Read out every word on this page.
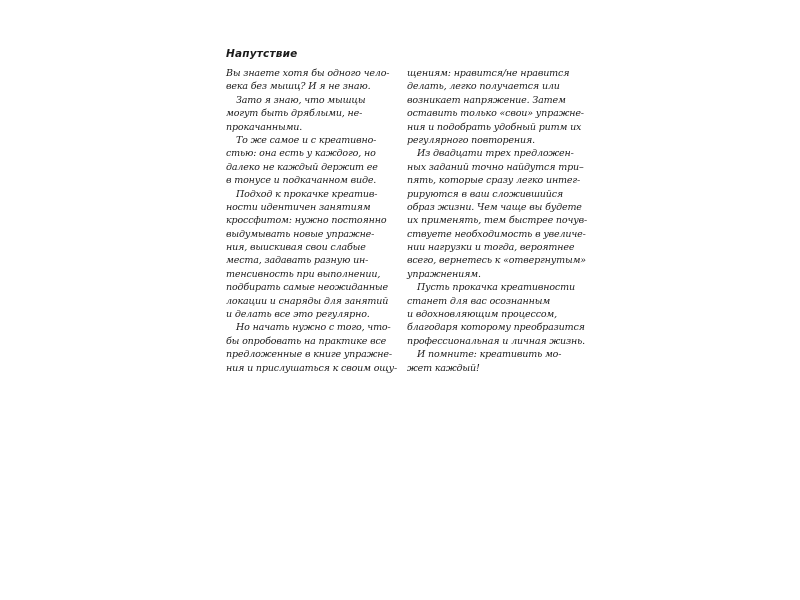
Напутствие
Вы знаете хотя бы одного чело-
века без мышц? И я не знаю.
Зато я знаю, что мышцы
могут быть дряблыми, не-
прокачанными.
То же самое и с креативно-
стью: она есть у каждого, но
далеко не каждый держит ее
в тонусе и подкачанном виде.
Подход к прокачке креатив-
ности идентичен занятиям
кроссфитом: нужно постоянно
выдумывать новые упражне-
ния, выискивая свои слабые
места, задавать разную ин-
тенсивность при выполнении,
подбирать самые неожиданные
локации и снаряды для занятий
и делать все это регулярно.
Но начать нужно с того, что-
бы опробовать на практике все
предложенные в книге упражне-
ния и прислушаться к своим ощу-
щениям: нравится/не нравится
делать, легко получается или
возникает напряжение. Затем
оставить только «свои» упражне-
ния и подобрать удобный ритм их
регулярного повторения.
Из двадцати трех предложен-
ных заданий точно найдутся три–
пять, которые сразу легко интег-
рируются в ваш сложившийся
образ жизни. Чем чаще вы будете
их применять, тем быстрее почув-
ствуете необходимость в увеличе-
нии нагрузки и тогда, вероятнее
всего, вернетесь к «отвергнутым»
упражнениям.
Пусть прокачка креативности
станет для вас осознанным
и вдохновляющим процессом,
благодаря которому преобразится
профессиональная и личная жизнь.
И помните: креативить мо-
жет каждый!
